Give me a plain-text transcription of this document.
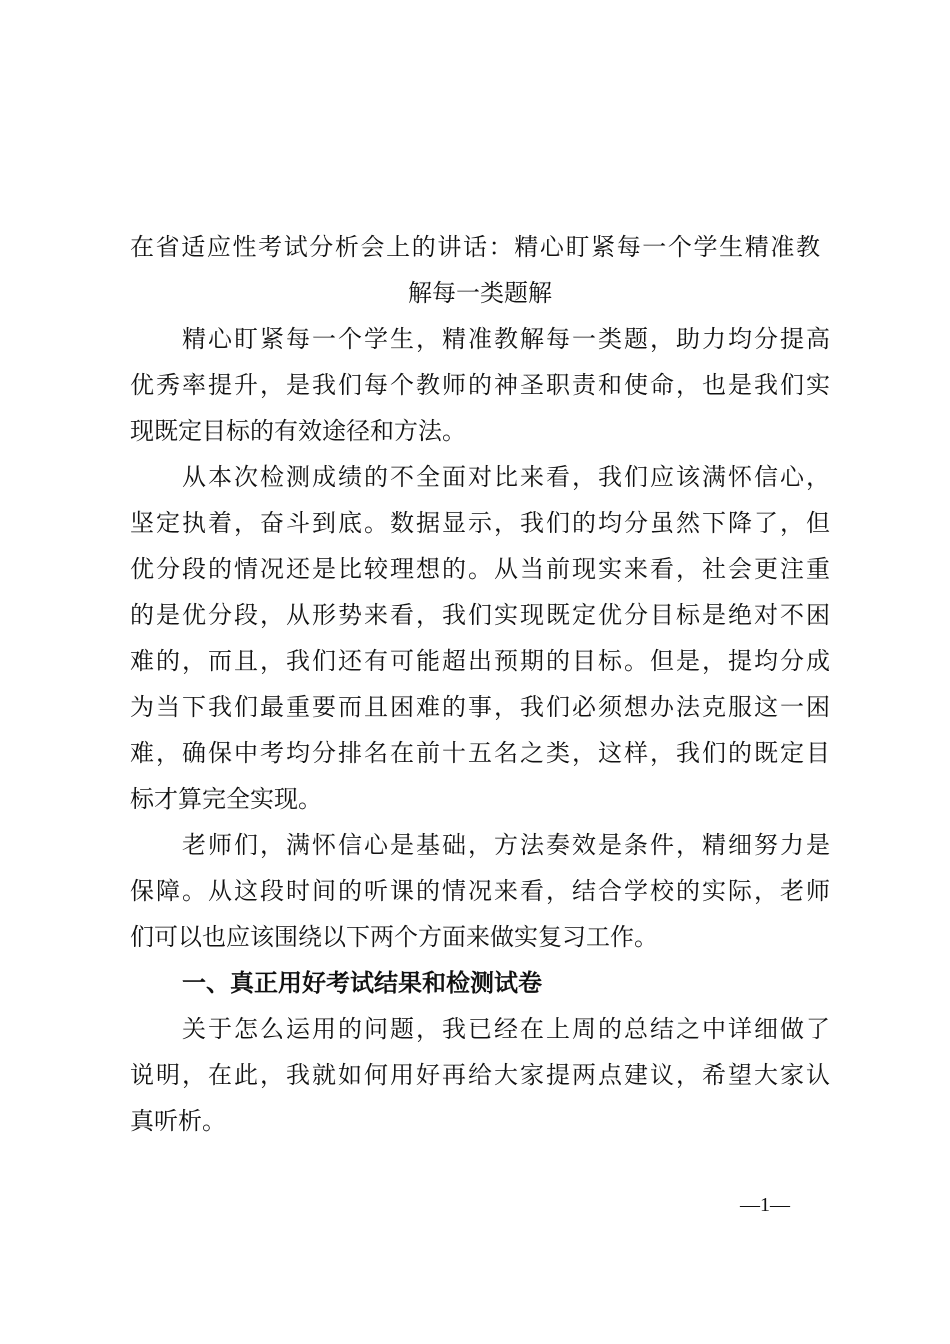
在省适应性考试分析会上的讲话：精心盯紧每一个学生精准教
解每一类题解
精心盯紧每一个学生，精准教解每一类题，助力均分提高
优秀率提升，是我们每个教师的神圣职责和使命，也是我们实
现既定目标的有效途径和方法。
从本次检测成绩的不全面对比来看，我们应该满怀信心，
坚定执着，奋斗到底。数据显示，我们的均分虽然下降了，但
优分段的情况还是比较理想的。从当前现实来看，社会更注重
的是优分段，从形势来看，我们实现既定优分目标是绝对不困
难的，而且，我们还有可能超出预期的目标。但是，提均分成
为当下我们最重要而且困难的事，我们必须想办法克服这一困
难，确保中考均分排名在前十五名之类，这样，我们的既定目
标才算完全实现。
老师们，满怀信心是基础，方法奏效是条件，精细努力是
保障。从这段时间的听课的情况来看，结合学校的实际，老师
们可以也应该围绕以下两个方面来做实复习工作。
一、真正用好考试结果和检测试卷
关于怎么运用的问题，我已经在上周的总结之中详细做了
说明，在此，我就如何用好再给大家提两点建议，希望大家认
真听析。
—1—
